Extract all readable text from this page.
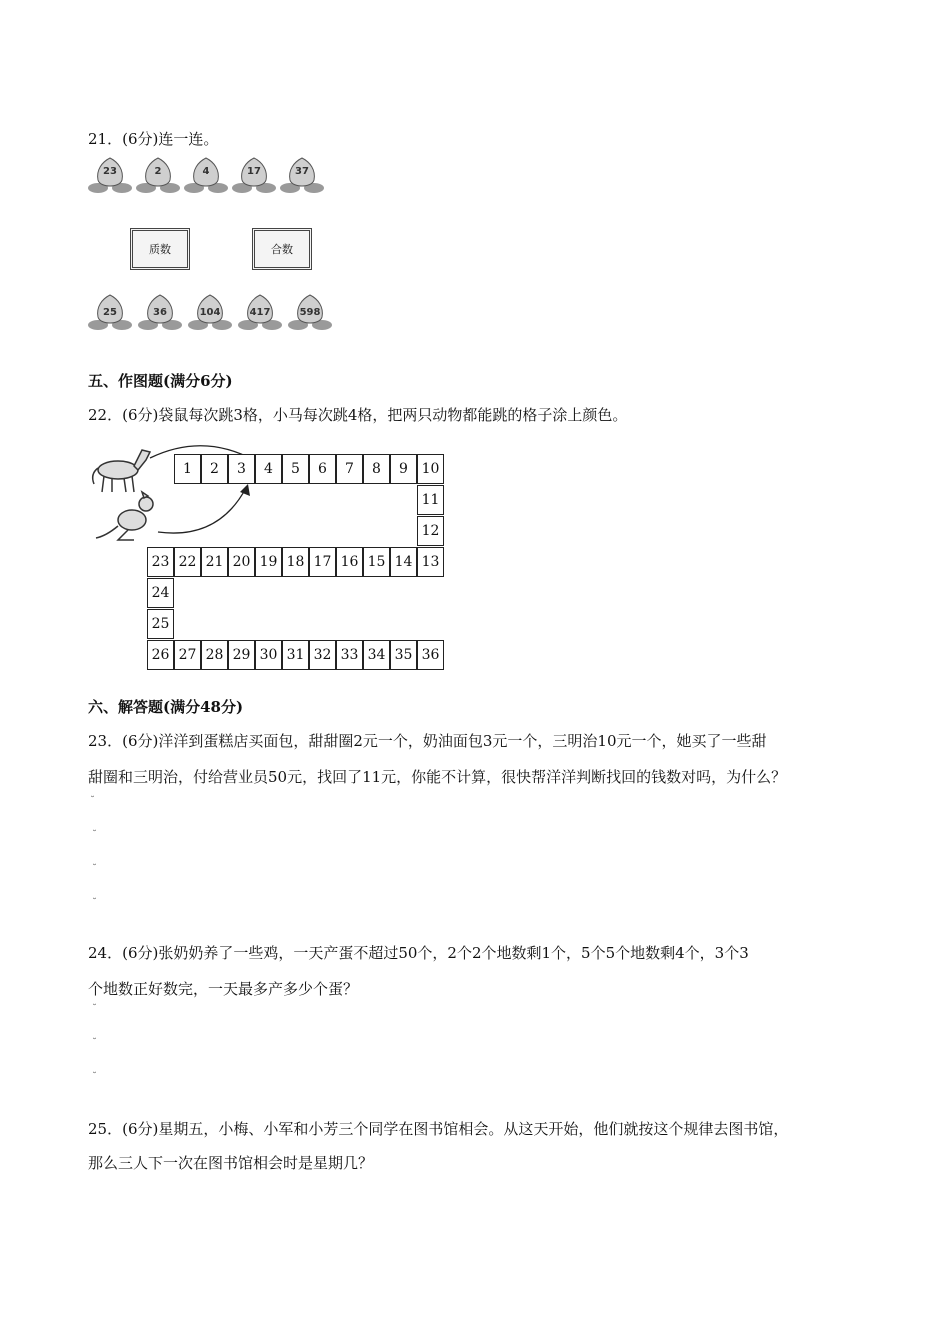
21．(6分)连一连。
23	2	4	17	37
质数	合数
25	36	104	417	598
五、作图题(满分6分)
22．(6分)袋鼠每次跳3格，小马每次跳4格，把两只动物都能跳的格子涂上颜色。
1	2	3	4	5	6	7	8	9 10
11
12
23 22 21 20 19 18 17 16 15 14 13
24
25
26 27 28 29 30 31 32 33 34 35 36
六、解答题(满分48分)
23．(6分)洋洋到蛋糕店买面包，甜甜圈2元一个，奶油面包3元一个，三明治10元一个，她买了一些甜
甜圈和三明治，付给营业员50元，找回了11元，你能不计算，很快帮洋洋判断找回的钱数对吗，为什么？
˘
˘
˘
˘
24．(6分)张奶奶养了一些鸡，一天产蛋不超过50个，2个2个地数剩1个，5个5个地数剩4个，3个3
个地数正好数完，一天最多产多少个蛋？
˘
˘
˘
25．(6分)星期五，小梅、小军和小芳三个同学在图书馆相会。从这天开始，他们就按这个规律去图书馆，
那么三人下一次在图书馆相会时是星期几？
